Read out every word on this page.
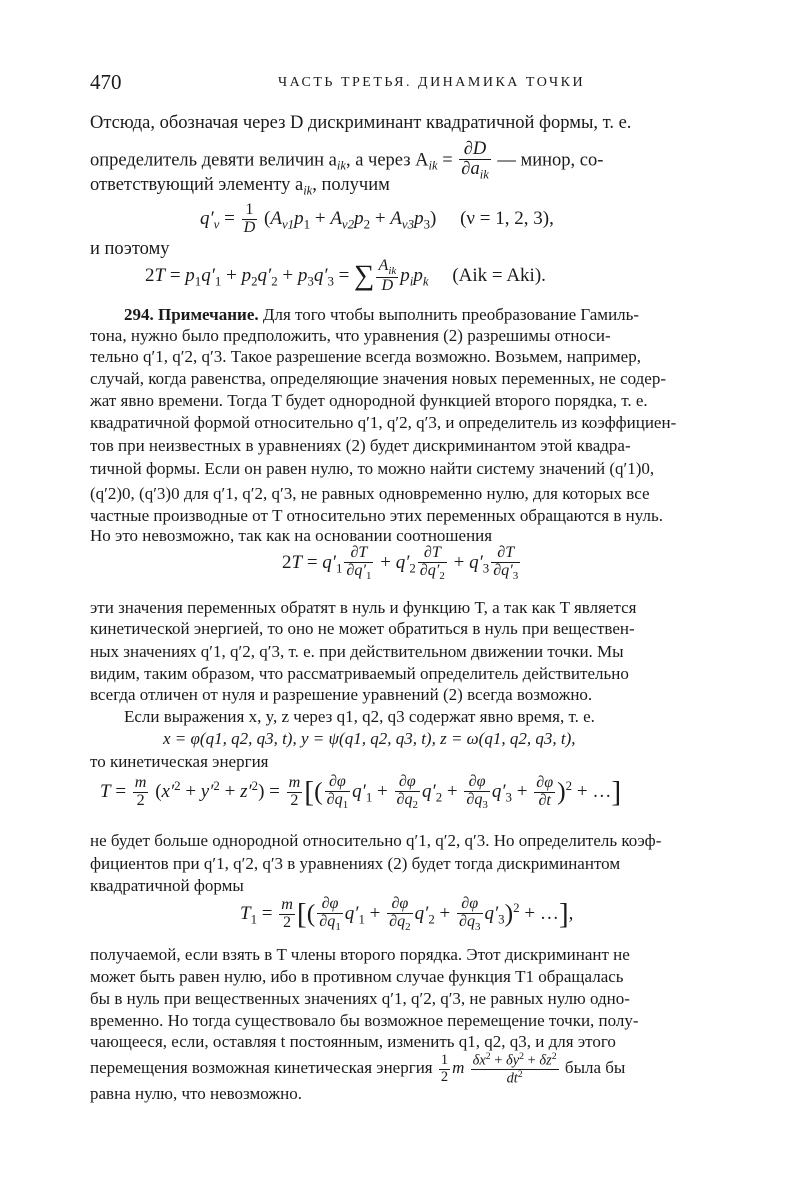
470	ЧАСТЬ ТРЕТЬЯ. ДИНАМИКА ТОЧКИ
Отсюда, обозначая через D дискриминант квадратичной формы, т. е.
определитель девяти величин $a_{ik}$, а через $A_{ik} = \frac{\partial D}{\partial a_{ik}}$ — минор, со-
ответствующий элементу $a_{ik}$, получим
$q'_\nu = \frac{1}{D} (A_{\nu 1}p_1 + A_{\nu 2}p_2 + A_{\nu 3}p_3)$     (ν = 1, 2, 3),
и поэтому
$2T = p_1q'_1 + p_2q'_2 + p_3q'_3$ = ∑ $\frac{A_{ik}}{D} p_ip_k$ (Aik = Aki).
294. Примечание. Для того чтобы выполнить преобразование Гамиль-
тона, нужно было предположить, что уравнения (2) разрешимы относи-
тельно q′1, q′2, q′3. Такое разрешение всегда возможно. Возьмем, например,
случай, когда равенства, определяющие значения новых переменных, не содер-
жат явно времени. Тогда T будет однородной функцией второго порядка, т. е.
квадратичной формой относительно q′1, q′2, q′3, и определитель из коэффициен-
тов при неизвестных в уравнениях (2) будет дискриминантом этой квадра-
тичной формы. Если он равен нулю, то можно найти систему значений (q′1)0,
(q′2)0, (q′3)0 для q′1, q′2, q′3, не равных одновременно нулю, для которых все
частные производные от T относительно этих переменных обращаются в нуль.
Но это невозможно, так как на основании соотношения
$2T = q'_1 \frac{\partial T}{\partial q'_1} + q'_2 \frac{\partial T}{\partial q'_2} + q'_3 \frac{\partial T}{\partial q'_3}$
эти значения переменных обратят в нуль и функцию T, а так как T является
кинетической энергией, то оно не может обратиться в нуль при веществен-
ных значениях q′1, q′2, q′3, т. е. при действительном движении точки. Мы
видим, таким образом, что рассматриваемый определитель действительно
всегда отличен от нуля и разрешение уравнений (2) всегда возможно.
Если выражения x, y, z через q1, q2, q3 содержат явно время, т. е.
x = φ(q1, q2, q3, t), y = ψ(q1, q2, q3, t), z = ω(q1, q2, q3, t),
то кинетическая энергия
$T = \frac{m}{2} (x'^2 + y'^2 + z'^2) = \frac{m}{2}$ [( $\frac{\partial\varphi}{\partial q_1} q'_1 + \frac{\partial\varphi}{\partial q_2} q'_2 + \frac{\partial\varphi}{\partial q_3} q'_3 + \frac{\partial\varphi}{\partial t} )^2$ + …]
не будет больше однородной относительно q′1, q′2, q′3. Но определитель коэф-
фициентов при q′1, q′2, q′3 в уравнениях (2) будет тогда дискриминантом
квадратичной формы
$T_1 = \frac{m}{2}$ [( $\frac{\partial\varphi}{\partial q_1} q'_1 + \frac{\partial\varphi}{\partial q_2} q'_2 + \frac{\partial\varphi}{\partial q_3} q'_3)^2$ + …],
получаемой, если взять в T члены второго порядка. Этот дискриминант не
может быть равен нулю, ибо в противном случае функция T1 обращалась
бы в нуль при вещественных значениях q′1, q′2, q′3, не равных нулю одно-
временно. Но тогда существовало бы возможное перемещение точки, полу-
чающееся, если, оставляя t постоянным, изменить q1, q2, q3, и для этого
перемещения возможная кинетическая энергия $\frac{1}{2}$ m $\frac{\delta x^2 + \delta y^2 + \delta z^2}{dt^2}$ была бы
равна нулю, что невозможно.
